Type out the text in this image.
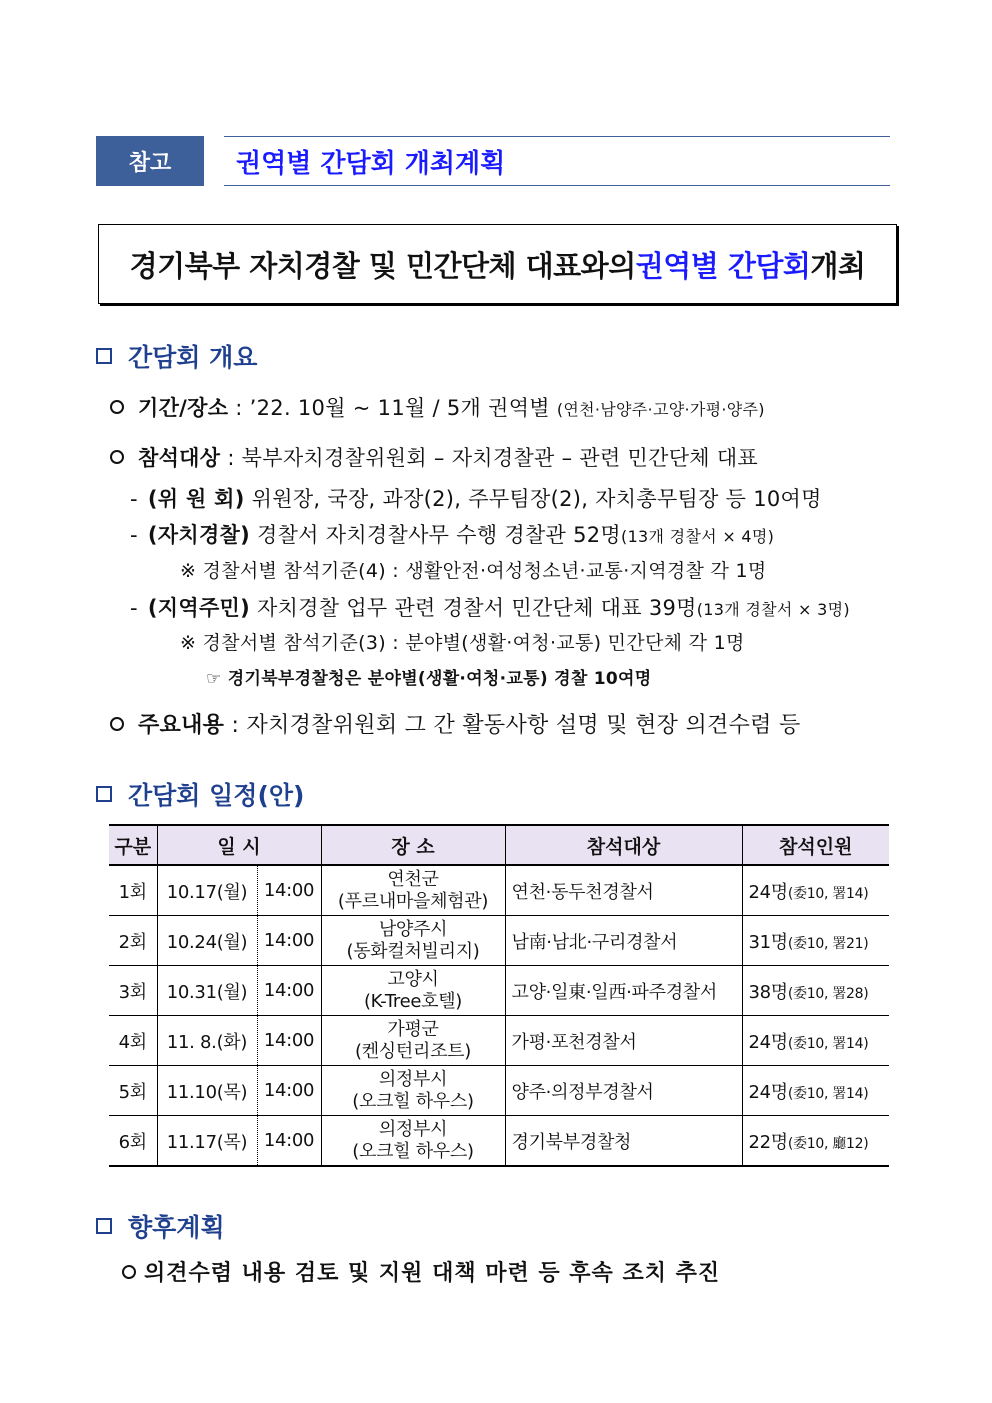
참고	권역별 간담회 개최계획
경기북부 자치경찰 및 민간단체 대표와의 권역별 간담회 개최
간담회 개요
기간/장소 : ’22. 10월 ~ 11월 / 5개 권역별 (연천·남양주·고양·가평·양주)
참석대상 : 북부자치경찰위원회 – 자치경찰관 – 관련 민간단체 대표
- (위 원 회) 위원장, 국장, 과장(2), 주무팀장(2), 자치총무팀장 등 10여명
- (자치경찰) 경찰서 자치경찰사무 수행 경찰관 52명(13개 경찰서 × 4명)
※ 경찰서별 참석기준(4) : 생활안전·여성청소년·교통·지역경찰 각 1명
- (지역주민) 자치경찰 업무 관련 경찰서 민간단체 대표 39명(13개 경찰서 × 3명)
※ 경찰서별 참석기준(3) : 분야별(생활·여청·교통) 민간단체 각 1명
☞ 경기북부경찰청은 분야별(생활·여청·교통) 경찰 10여명
주요내용 : 자치경찰위원회 그 간 활동사항 설명 및 현장 의견수렴 등
간담회 일정(안)
구분	일 시		장 소	참석대상	참석인원
1회	10.17(월)	14:00	연천군
(푸르내마을체험관)	연천·동두천경찰서	24명(委10, 署14)
2회	10.24(월)	14:00	남양주시
(동화컬처빌리지)	남南·남北·구리경찰서	31명(委10, 署21)
3회	10.31(월)	14:00	고양시
(K-Tree호텔)	고양·일東·일西·파주경찰서	38명(委10, 署28)
4회	11. 8.(화)	14:00	가평군
(켄싱턴리조트)	가평·포천경찰서	24명(委10, 署14)
5회	11.10(목)	14:00	의정부시
(오크힐 하우스)	양주·의정부경찰서	24명(委10, 署14)
6회	11.17(목)	14:00	의정부시
(오크힐 하우스)	경기북부경찰청	22명(委10, 廳12)
향후계획
의견수렴 내용 검토 및 지원 대책 마련 등 후속 조치 추진
